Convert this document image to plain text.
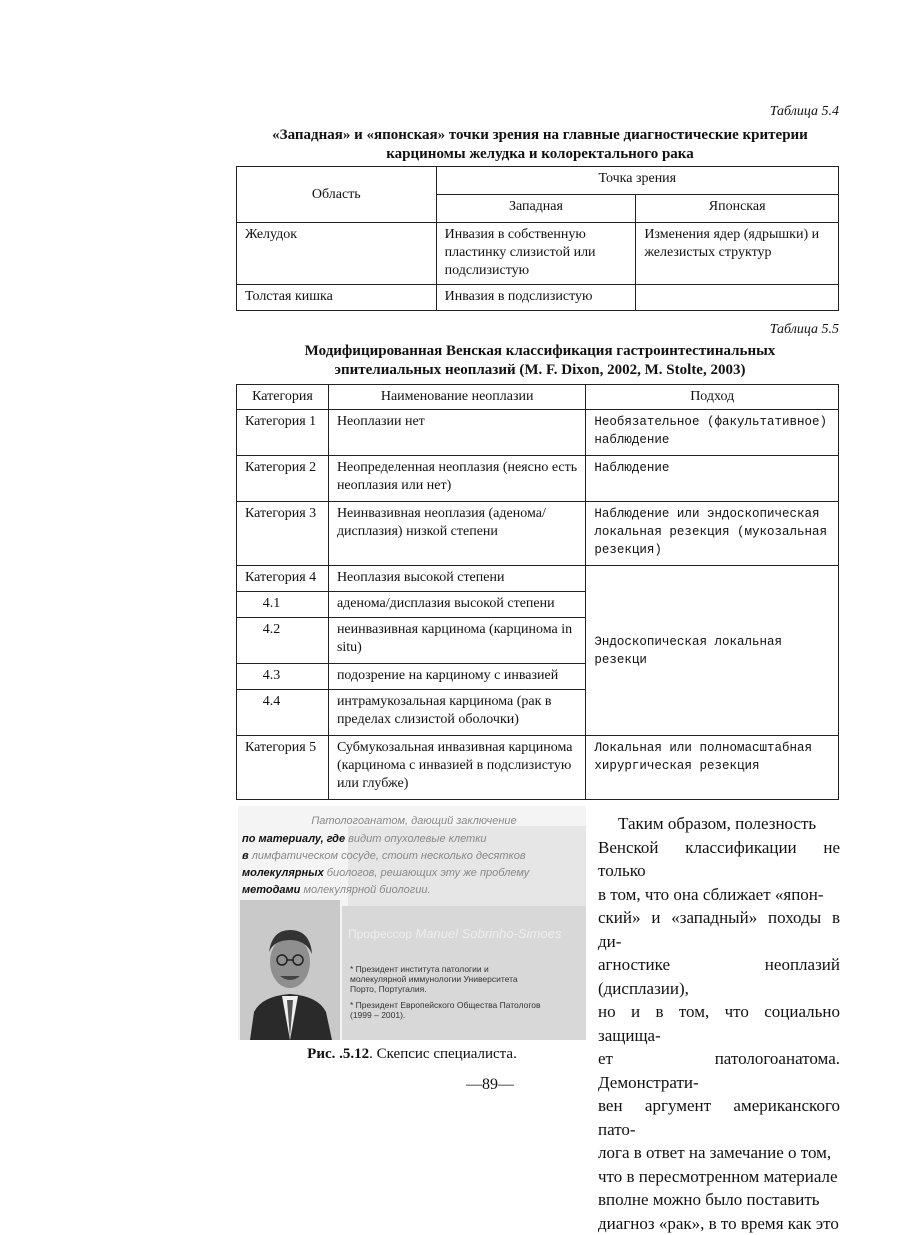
Таблица 5.4
«Западная» и «японская» точки зрения на главные диагностические критерии
карциномы желудка и колоректального рака
Область	Точка зрения	
	Западная	Японская
Желудок	Инвазия в собственную пластинку слизистой или подслизистую	Изменения ядер (ядрышки) и железистых структур
Толстая кишка	Инвазия в подслизистую	
Таблица 5.5
Модифицированная Венская классификация гастроинтестинальных
эпителиальных неоплазий (M. F. Dixon, 2002, M. Stolte, 2003)
Категория	Наименование неоплазии	Подход
Категория 1	Неоплазии нет	Необязательное (факультативное) наблюдение
Категория 2	Неопределенная неоплазия (неясно есть неоплазия или нет)	Наблюдение
Категория 3	Неинвазивная неоплазия (аденома/дисплазия) низкой степени	Наблюдение или эндоскопическая локальная резекция (мукозальная резекция)
Категория 4	Неоплазия высокой степени	Эндоскопическая локальная резекци
4.1	аденома/дисплазия высокой степени	
4.2	неинвазивная карцинома (карцинома in situ)	
4.3	подозрение на карциному с инвазией	
4.4	интрамукозальная карцинома (рак в пределах слизистой оболочки)	
Категория 5	Субмукозальная инвазивная карцинома (карцинома с инвазией в подслизистую или глубже)	Локальная или полномасштабная хирургическая резекция
Патологоанатом, дающий заключение
по материалу, где видит опухолевые клетки
в лимфатическом сосуде, стоит несколько десятков
молекулярных биологов, решающих эту же проблему
методами молекулярной биологии.
Профессор Manuel Sobrinho-Simoes
* Президент института патологии и
молекулярной иммунологии Университета
Порто, Португалия.
* Президент Европейского Общества Патологов
(1999 – 2001).
Рис. .5.12. Скепсис специалиста.
Таким образом, полезность
Венской классификации не только
в том, что она сближает «япон-
ский» и «западный» походы в ди-
агностике неоплазий (дисплазии),
но и в том, что социально защища-
ет патологоанатома. Демонстрати-
вен аргумент американского пато-
лога в ответ на замечание о том,
что в пересмотренном материале
вполне можно было поставить
диагноз «рак», в то время как это
—89—
